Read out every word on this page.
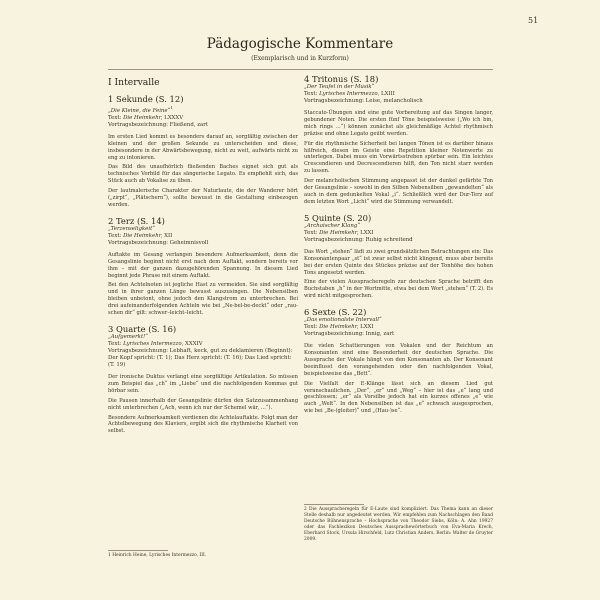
51
Pädagogische Kommentare
(Exemplarisch und in Kurzform)
I Intervalle
1 Sekunde (S. 12)
„Die Kleine, die Feine“$^1$
Text: Die Heimkehr, LXXXV
Vortragsbezeichnung: Fließend, zart

Im ersten Lied kommt es besonders darauf an, sorgfältig zwischen der kleinen und der großen Sekunde zu unterscheiden und diese, insbesondere in der Abwärtsbewegung, nicht zu weit, aufwärts nicht zu eng zu intonieren.

Das Bild des unaufhörlich fließenden Baches eignet sich gut als technisches Vorbild für das sängerische Legato. Es empfiehlt sich, das Stück auch ab Vokalise zu üben.

Der lautmalerische Charakter der Naturlaute, die der Wanderer hört („zirpt“, „Plätschern“), sollte bewusst in die Gestaltung einbezogen werden.

2 Terz (S. 14)
„Terzenseligkeit“
Text: Die Heimkehr, XII
Vortragsbezeichnung: Geheimnisvoll

Auftakte im Gesang verlangen besondere Aufmerksamkeit, denn die Gesangslinie beginnt nicht erst nach dem Auftakt, sondern bereits vor ihm – mit der ganzen dazugehörenden Spannung. In diesem Lied beginnt jede Phrase mit einem Auftakt.

Bei den Achtelnoten ist jegliche Hast zu vermeiden. Sie sind sorgfältig und in ihrer ganzen Länge bewusst auszusingen. Die Nebensilben bleiben unbetont, ohne jedoch den Klangstrom zu unterbrechen. Bei drei aufeinanderfolgenden Achteln wie bei „Ne-bel-be-deckt“ oder „rau-schen dir“ gilt: schwer–leicht–leicht.

3 Quarte (S. 16)
„Aufgemerkt!“
Text: Lyrisches Intermezzo, XXXIV
Vortragsbezeichnung: Lebhaft, keck, gut zu deklamieren (Beginnt): Der Kopf spricht: (T. 1); Das Herz spricht: (T. 16); Das Lied spricht: (T. 19)

Der ironische Duktus verlangt eine sorgfältige Artikulation. So müssen zum Beispiel das „ch“ im „Liebe“ und die nachfolgenden Kommas gut hörbar sein.

Die Pausen innerhalb der Gesangslinie dürfen den Satzzusammenhang nicht unterbrechen („Ach, wenn ich nur der Schemel wär, …“).

Besondere Aufmerksamkeit verdienen die Achtelauftakte. Folgt man der Achtelbewegung des Klaviers, ergibt sich die rhythmische Klarheit von selbst.

4 Tritonus (S. 18)
„Der Teufel in der Musik“
Text: Lyrisches Intermezzo, LXIII
Vortragsbezeichnung: Leise, melancholisch

Staccato-Übungen sind eine gute Vorbereitung auf das Singen langer, gebundener Noten. Die ersten fünf Töne beispielsweise („Wo ich bin, mich rings …“) können zunächst als gleichmäßige Achtel rhythmisch präzise und ohne Legato geübt werden.

Für die rhythmische Sicherheit bei langen Tönen ist es darüber hinaus hilfreich, diesen im Geiste eine Repetition kleiner Notenwerte zu unterlegen. Dabei muss ein Vorwärtsstreben spürbar sein. Ein leichtes Crescendieren und Decrescendieren hilft, den Ton nicht starr werden zu lassen.

Der melancholischen Stimmung angepasst ist der dunkel gefärbte Ton der Gesangslinie – sowohl in den Silben Nebensilben „gewandelten“ als auch in dem gedunkelten Vokal „i“. Schließlich wird der Dur-Terz auf dem letzten Wort „Licht“ wird die Stimmung verwandelt.

5 Quinte (S. 20)
„Archaischer Klang“
Text: Die Heimkehr, LXXI
Vortragsbezeichnung: Ruhig schreitend

Das Wort „stehen“ lädt zu zwei grundsätzlichen Betrachtungen ein: Das Konsonantenpaar „st“ ist zwar selbst nicht klingend, muss aber bereits bei der ersten Quinte des Stückes präzise auf der Tonhöhe des hohen Tons angesetzt werden.

Eine der vielen Ausspracheregeln zur deutschen Sprache betrifft den Buchstaben „h“ in der Wortmitte, etwa bei dem Wort „stehen“ (T. 2). Es wird nicht mitgesprochen.

6 Sexte (S. 22)
„Das emotionalste Intervall“
Text: Die Heimkehr, LXXI
Vortragsbezeichnung: Innig, zart

Die vielen Schattierungen von Vokalen und der Reichtum an Konsonanten sind eine Besonderheit der deutschen Sprache. Die Aussprache der Vokale hängt von den Konsonanten ab. Der Konsonant beeinflusst den vorangehenden oder den nachfolgenden Vokal, beispielsweise das „Bett“.

Die Vielfalt der E-Klänge lässt sich an diesem Lied gut veranschaulichen. „Der“, „er“ und „Weg“ – hier ist das „e“ lang und geschlossen; „er“ als Vorsilbe jedoch hat ein kurzes offenes „e“ wie auch „Welt“. In den Nebensilben ist das „e“ schwach ausgesprochen, wie bei „Be-(gleiter)“ und „(Hau-)se“.

1 Heinrich Heine, Lyrisches Intermezzo, III.
2 Die Ausspracheregeln für E-Laute sind kompliziert. Das Thema kann an dieser Stelle deshalb nur angedeutet werden. Wir empfehlen zum Nachschlagen den Band Deutsche Bühnensprache – Hochsprache von Theodor Siebs, Köln: A. Ahn 19927 oder das Fachlexikon Deutsches Aussprachewörterbuch von Eva-Maria Krech, Eberhard Stock, Ursula Hirschfeld, Lutz Christian Anders, Berlin: Walter de Gruyter 2009.
